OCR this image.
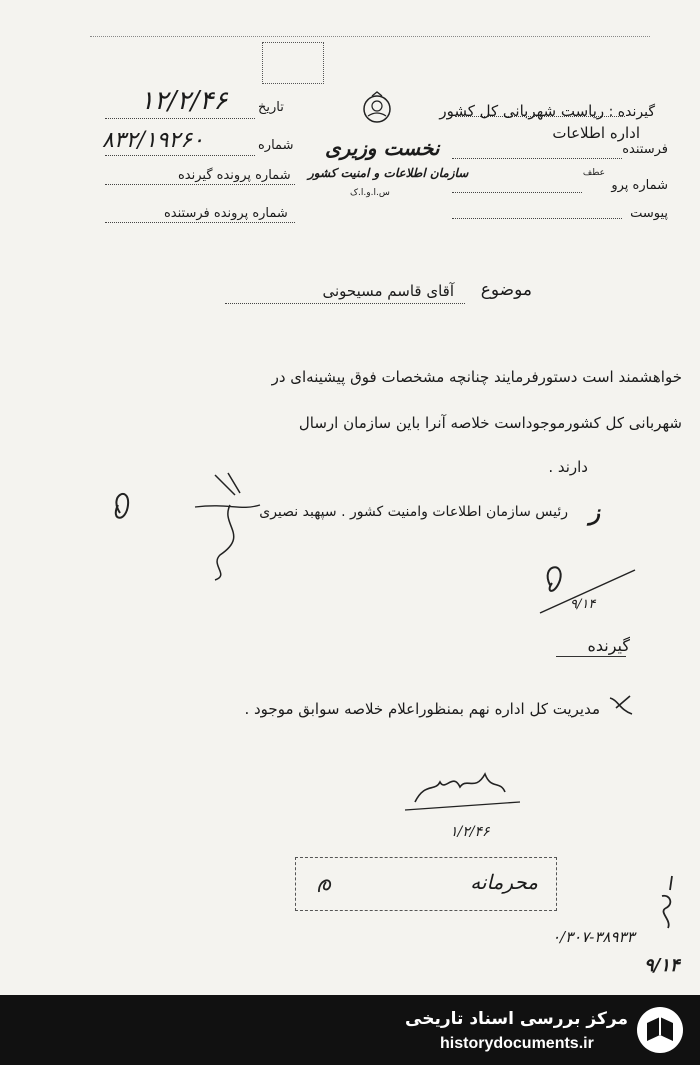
گیرنده : ریاست شهربانی کل کشور
اداره اطلاعات
فرستنده
عطف
شماره پرو
پیوست
نخست وزیری
سازمان اطلاعات و امنیت کشور
س.ا.و.ا.ک
تاریخ
۱۲/۲/۴۶
شماره
۸۳۲/۱۹۲۶۰
شماره پرونده گیرنده
شماره پرونده فرستنده
موضوع
آقای قاسم مسیحونی
خواهشمند است دستورفرمایند چنانچه مشخصات فوق پیشینه‌ای در
شهربانی کل کشورموجوداست خلاصه آنرا باین سازمان ارسال
دارند .
رئیس سازمان اطلاعات وامنیت کشور . سپهبد نصیری ز
۹/۱۴
گیرنده
مدیریت کل اداره نهم بمنظوراعلام خلاصه سوابق موجود .
۱/۲/۴۶
محرمانه
۰/۳۰۷-۳۸۹۳۳
۹/۱۴
مرکز بررسی اسناد تاریخی
historydocuments.ir
